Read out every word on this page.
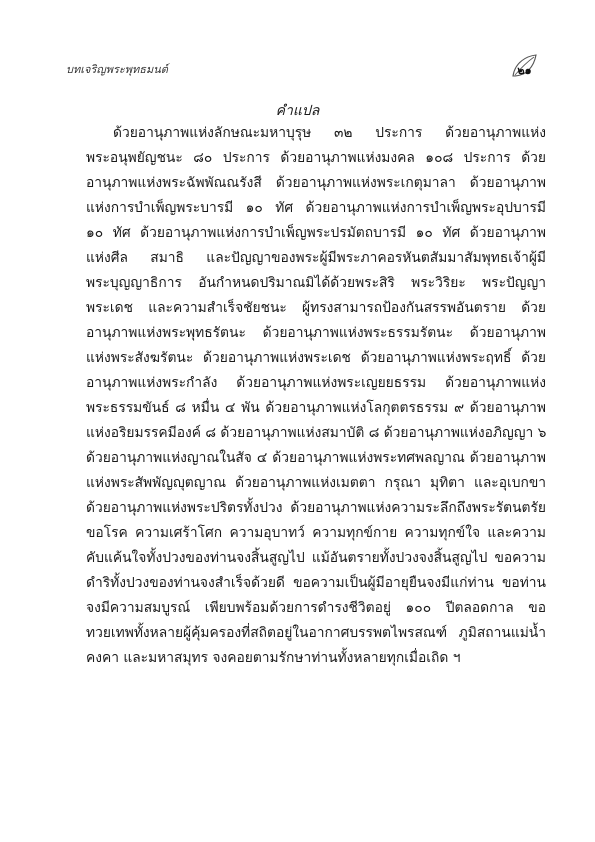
บทเจริญพระพุทธมนต์	๒๑
คำแปล
ด้วยอานุภาพแห่งลักษณะมหาบุรุษ ๓๒ ประการ ด้วยอานุภาพแห่ง
พระอนุพยัญชนะ ๘๐ ประการ ด้วยอานุภาพแห่งมงคล ๑๐๘ ประการ ด้วย
อานุภาพแห่งพระฉัพพัณณรังสี ด้วยอานุภาพแห่งพระเกตุมาลา ด้วยอานุภาพ
แห่งการบำเพ็ญพระบารมี ๑๐ ทัศ ด้วยอานุภาพแห่งการบำเพ็ญพระอุปบารมี
๑๐ ทัศ ด้วยอานุภาพแห่งการบำเพ็ญพระปรมัตถบารมี ๑๐ ทัศ ด้วยอานุภาพ
แห่งศีล สมาธิ และปัญญาของพระผู้มีพระภาคอรหันตสัมมาสัมพุทธเจ้าผู้มี
พระบุญญาธิการ อันกำหนดปริมาณมิได้ด้วยพระสิริ พระวิริยะ พระปัญญา
พระเดช และความสำเร็จชัยชนะ ผู้ทรงสามารถป้องกันสรรพอันตราย ด้วย
อานุภาพแห่งพระพุทธรัตนะ ด้วยอานุภาพแห่งพระธรรมรัตนะ ด้วยอานุภาพ
แห่งพระสังฆรัตนะ ด้วยอานุภาพแห่งพระเดช ด้วยอานุภาพแห่งพระฤทธิ์ ด้วย
อานุภาพแห่งพระกำลัง ด้วยอานุภาพแห่งพระเญยยธรรม ด้วยอานุภาพแห่ง
พระธรรมขันธ์ ๘ หมื่น ๔ พัน ด้วยอานุภาพแห่งโลกุตตรธรรม ๙ ด้วยอานุภาพ
แห่งอริยมรรคมีองค์ ๘ ด้วยอานุภาพแห่งสมาบัติ ๘ ด้วยอานุภาพแห่งอภิญญา ๖
ด้วยอานุภาพแห่งญาณในสัจ ๔ ด้วยอานุภาพแห่งพระทศพลญาณ ด้วยอานุภาพ
แห่งพระสัพพัญญุตญาณ ด้วยอานุภาพแห่งเมตตา กรุณา มุทิตา และอุเบกขา
ด้วยอานุภาพแห่งพระปริตรทั้งปวง ด้วยอานุภาพแห่งความระลึกถึงพระรัตนตรัย
ขอโรค ความเศร้าโศก ความอุบาทว์ ความทุกข์กาย ความทุกข์ใจ และความ
คับแค้นใจทั้งปวงของท่านจงสิ้นสูญไป แม้อันตรายทั้งปวงจงสิ้นสูญไป ขอความ
ดำริทั้งปวงของท่านจงสำเร็จด้วยดี ขอความเป็นผู้มีอายุยืนจงมีแก่ท่าน ขอท่าน
จงมีความสมบูรณ์ เพียบพร้อมด้วยการดำรงชีวิตอยู่ ๑๐๐ ปีตลอดกาล ขอ
ทวยเทพทั้งหลายผู้คุ้มครองที่สถิตอยู่ในอากาศบรรพตไพรสณฑ์ ภูมิสถานแม่น้ำ
คงคา และมหาสมุทร จงคอยตามรักษาท่านทั้งหลายทุกเมื่อเถิด ฯ
